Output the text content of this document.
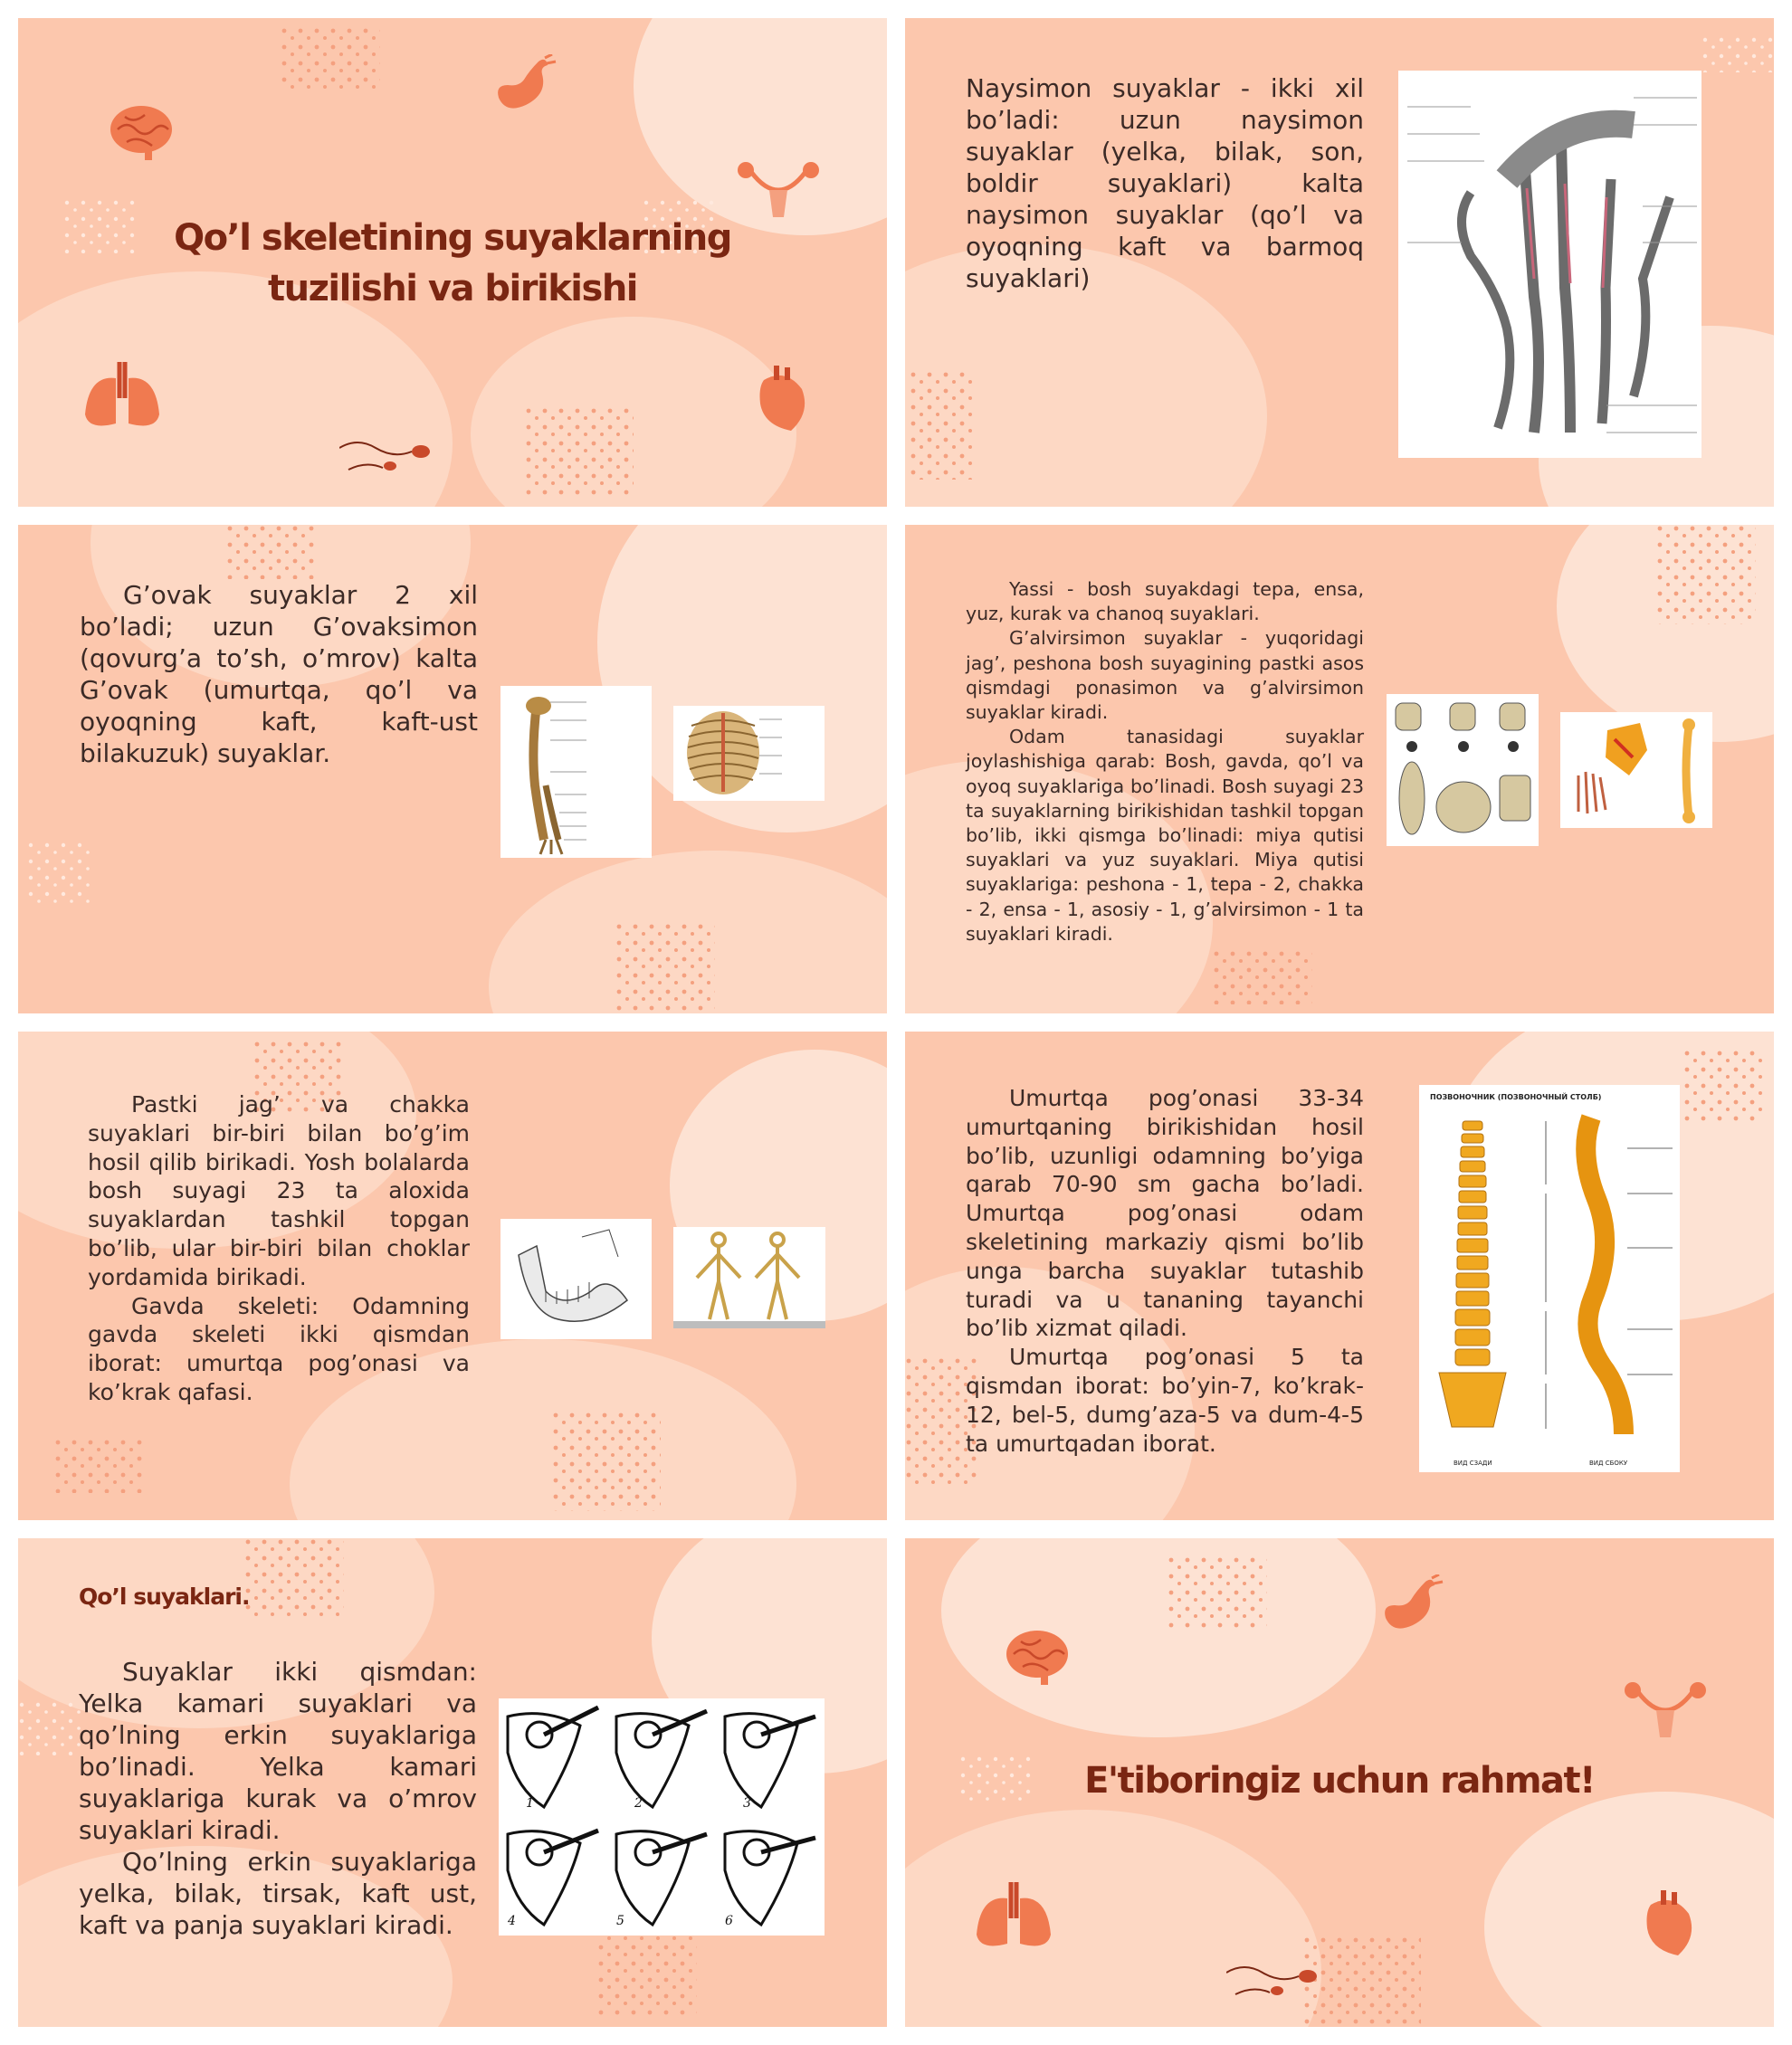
Qo’l skeletining suyaklarning tuzilishi va birikishi
Naysimon suyaklar - ikki xil bo’ladi: uzun naysimon suyaklar (yelka, bilak, son, boldir suyaklari) kalta naysimon suyaklar (qo’l va oyoqning kaft va barmoq suyaklari)
G’ovak suyaklar 2 xil bo’ladi; uzun G’ovaksimon (qovurg’a to’sh, o’mrov) kalta G’ovak (umurtqa, qo’l va oyoqning kaft, kaft-ust bilakuzuk) suyaklar.

Yassi - bosh suyakdagi tepa, ensa, yuz, kurak va chanoq suyaklari.

G’alvirsimon suyaklar - yuqoridagi jag’, peshona bosh suyagining pastki asos qismdagi ponasimon va g’alvirsimon suyaklar kiradi.

Odam tanasidagi suyaklar joylashishiga qarab: Bosh, gavda, qo’l va oyoq suyaklariga bo’linadi. Bosh suyagi 23 ta suyaklarning birikishidan tashkil topgan bo’lib, ikki qismga bo’linadi: miya qutisi suyaklari va yuz suyaklari. Miya qutisi suyaklariga: peshona - 1, tepa - 2, chakka - 2, ensa - 1, asosiy - 1, g’alvirsimon - 1 ta suyaklari kiradi.

Pastki jag’ va chakka suyaklari bir-biri bilan bo’g’im hosil qilib birikadi. Yosh bolalarda bosh suyagi 23 ta aloxida suyaklardan tashkil topgan bo’lib, ular bir-biri bilan choklar yordamida birikadi.

Gavda skeleti: Odamning gavda skeleti ikki qismdan iborat: umurtqa pog’onasi va ko’krak qafasi.

Umurtqa pog’onasi 33-34 umurtqaning birikishidan hosil bo’lib, uzunligi odamning bo’yiga qarab 70-90 sm gacha bo’ladi. Umurtqa pog’onasi odam skeletining markaziy qismi bo’lib unga barcha suyaklar tutashib turadi va u tananing tayanchi bo’lib xizmat qiladi.

Umurtqa pog’onasi 5 ta qismdan iborat: bo’yin-7, ko’krak-12, bel-5, dumg’aza-5 va dum-4-5 ta umurtqadan iborat.

ПОЗВОНОЧНИК (ПОЗВОНОЧНЫЙ СТОЛБ)
ВИД СЗАДИ	ВИД СБОКУ
Qo’l suyaklari.

Suyaklar ikki qismdan: Yelka kamari suyaklari va qo’lning erkin suyaklariga bo’linadi. Yelka kamari suyaklariga kurak va o’mrov suyaklari kiradi.

Qo’lning erkin suyaklariga yelka, bilak, tirsak, kaft ust, kaft va panja suyaklari kiradi.

1	2	3
4	5	6
E'tiboringiz uchun rahmat!
